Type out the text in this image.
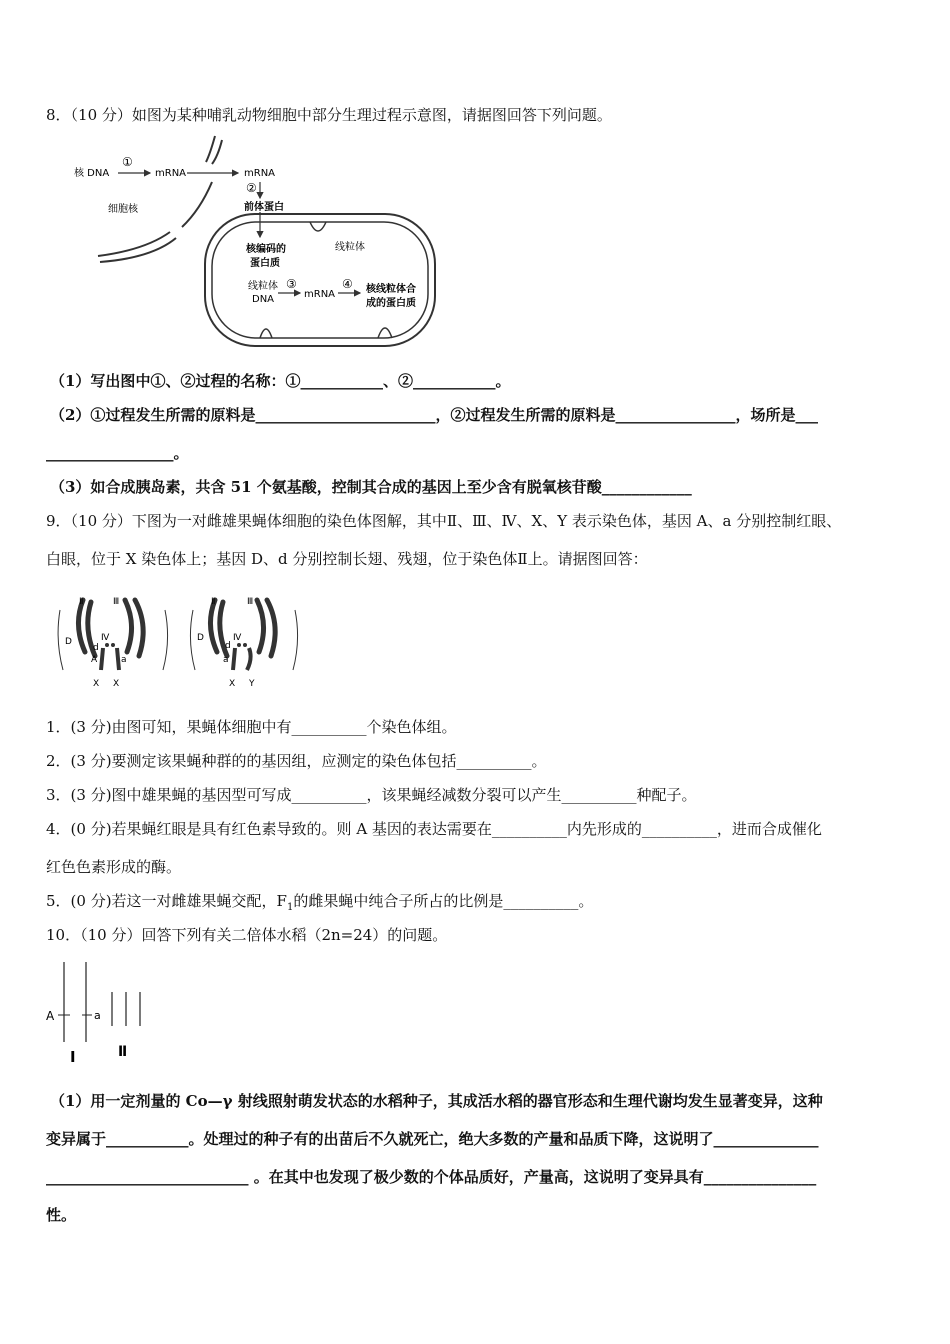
8．（10 分）如图为某种哺乳动物细胞中部分生理过程示意图，请据图回答下列问题。
核 DNA
①
mRNA	mRNA
②
前体蛋白
细胞核
线粒体
核编码的
蛋白质
线粒体
DNA
③
mRNA
④ 核线粒体合
成的蛋白质
（1）写出图中①、②过程的名称：①___________、②___________。
（2）①过程发生所需的原料是________________________，②过程发生所需的原料是________________，场所是___
_________________。
（3）如合成胰岛素，共含 51 个氨基酸，控制其合成的基因上至少含有脱氧核苷酸____________
9．（10 分）下图为一对雌雄果蝇体细胞的染色体图解，其中Ⅱ、Ⅲ、Ⅳ、X、Y 表示染色体，基因 A、a 分别控制红眼、
白眼，位于 X 染色体上；基因 D、d 分别控制长翅、残翅，位于染色体Ⅱ上。请据图回答：
Ⅱ	Ⅲ
Ⅳ
D
d
A	a
X X
Ⅱ	Ⅲ
Ⅳ
D
d
a
X Y
1．(3 分)由图可知，果蝇体细胞中有__________个染色体组。
2．(3 分)要测定该果蝇种群的的基因组，应测定的染色体包括__________。
3．(3 分)图中雄果蝇的基因型可写成__________，该果蝇经减数分裂可以产生__________种配子。
4．(0 分)若果蝇红眼是具有红色素导致的。则 A 基因的表达需要在__________内先形成的__________，进而合成催化
红色色素形成的酶。
5．(0 分)若这一对雌雄果蝇交配，$F_1$的雌果蝇中纯合子所占的比例是__________。
10．（10 分）回答下列有关二倍体水稻（2n=24）的问题。
A	a
I	Ⅱ
（1）用一定剂量的 Co—γ 射线照射萌发状态的水稻种子，其成活水稻的器官形态和生理代谢均发生显著变异，这种
变异属于___________。处理过的种子有的出苗后不久就死亡，绝大多数的产量和品质下降，这说明了______________
___________________________ 。在其中也发现了极少数的个体品质好，产量高，这说明了变异具有_______________
性。
